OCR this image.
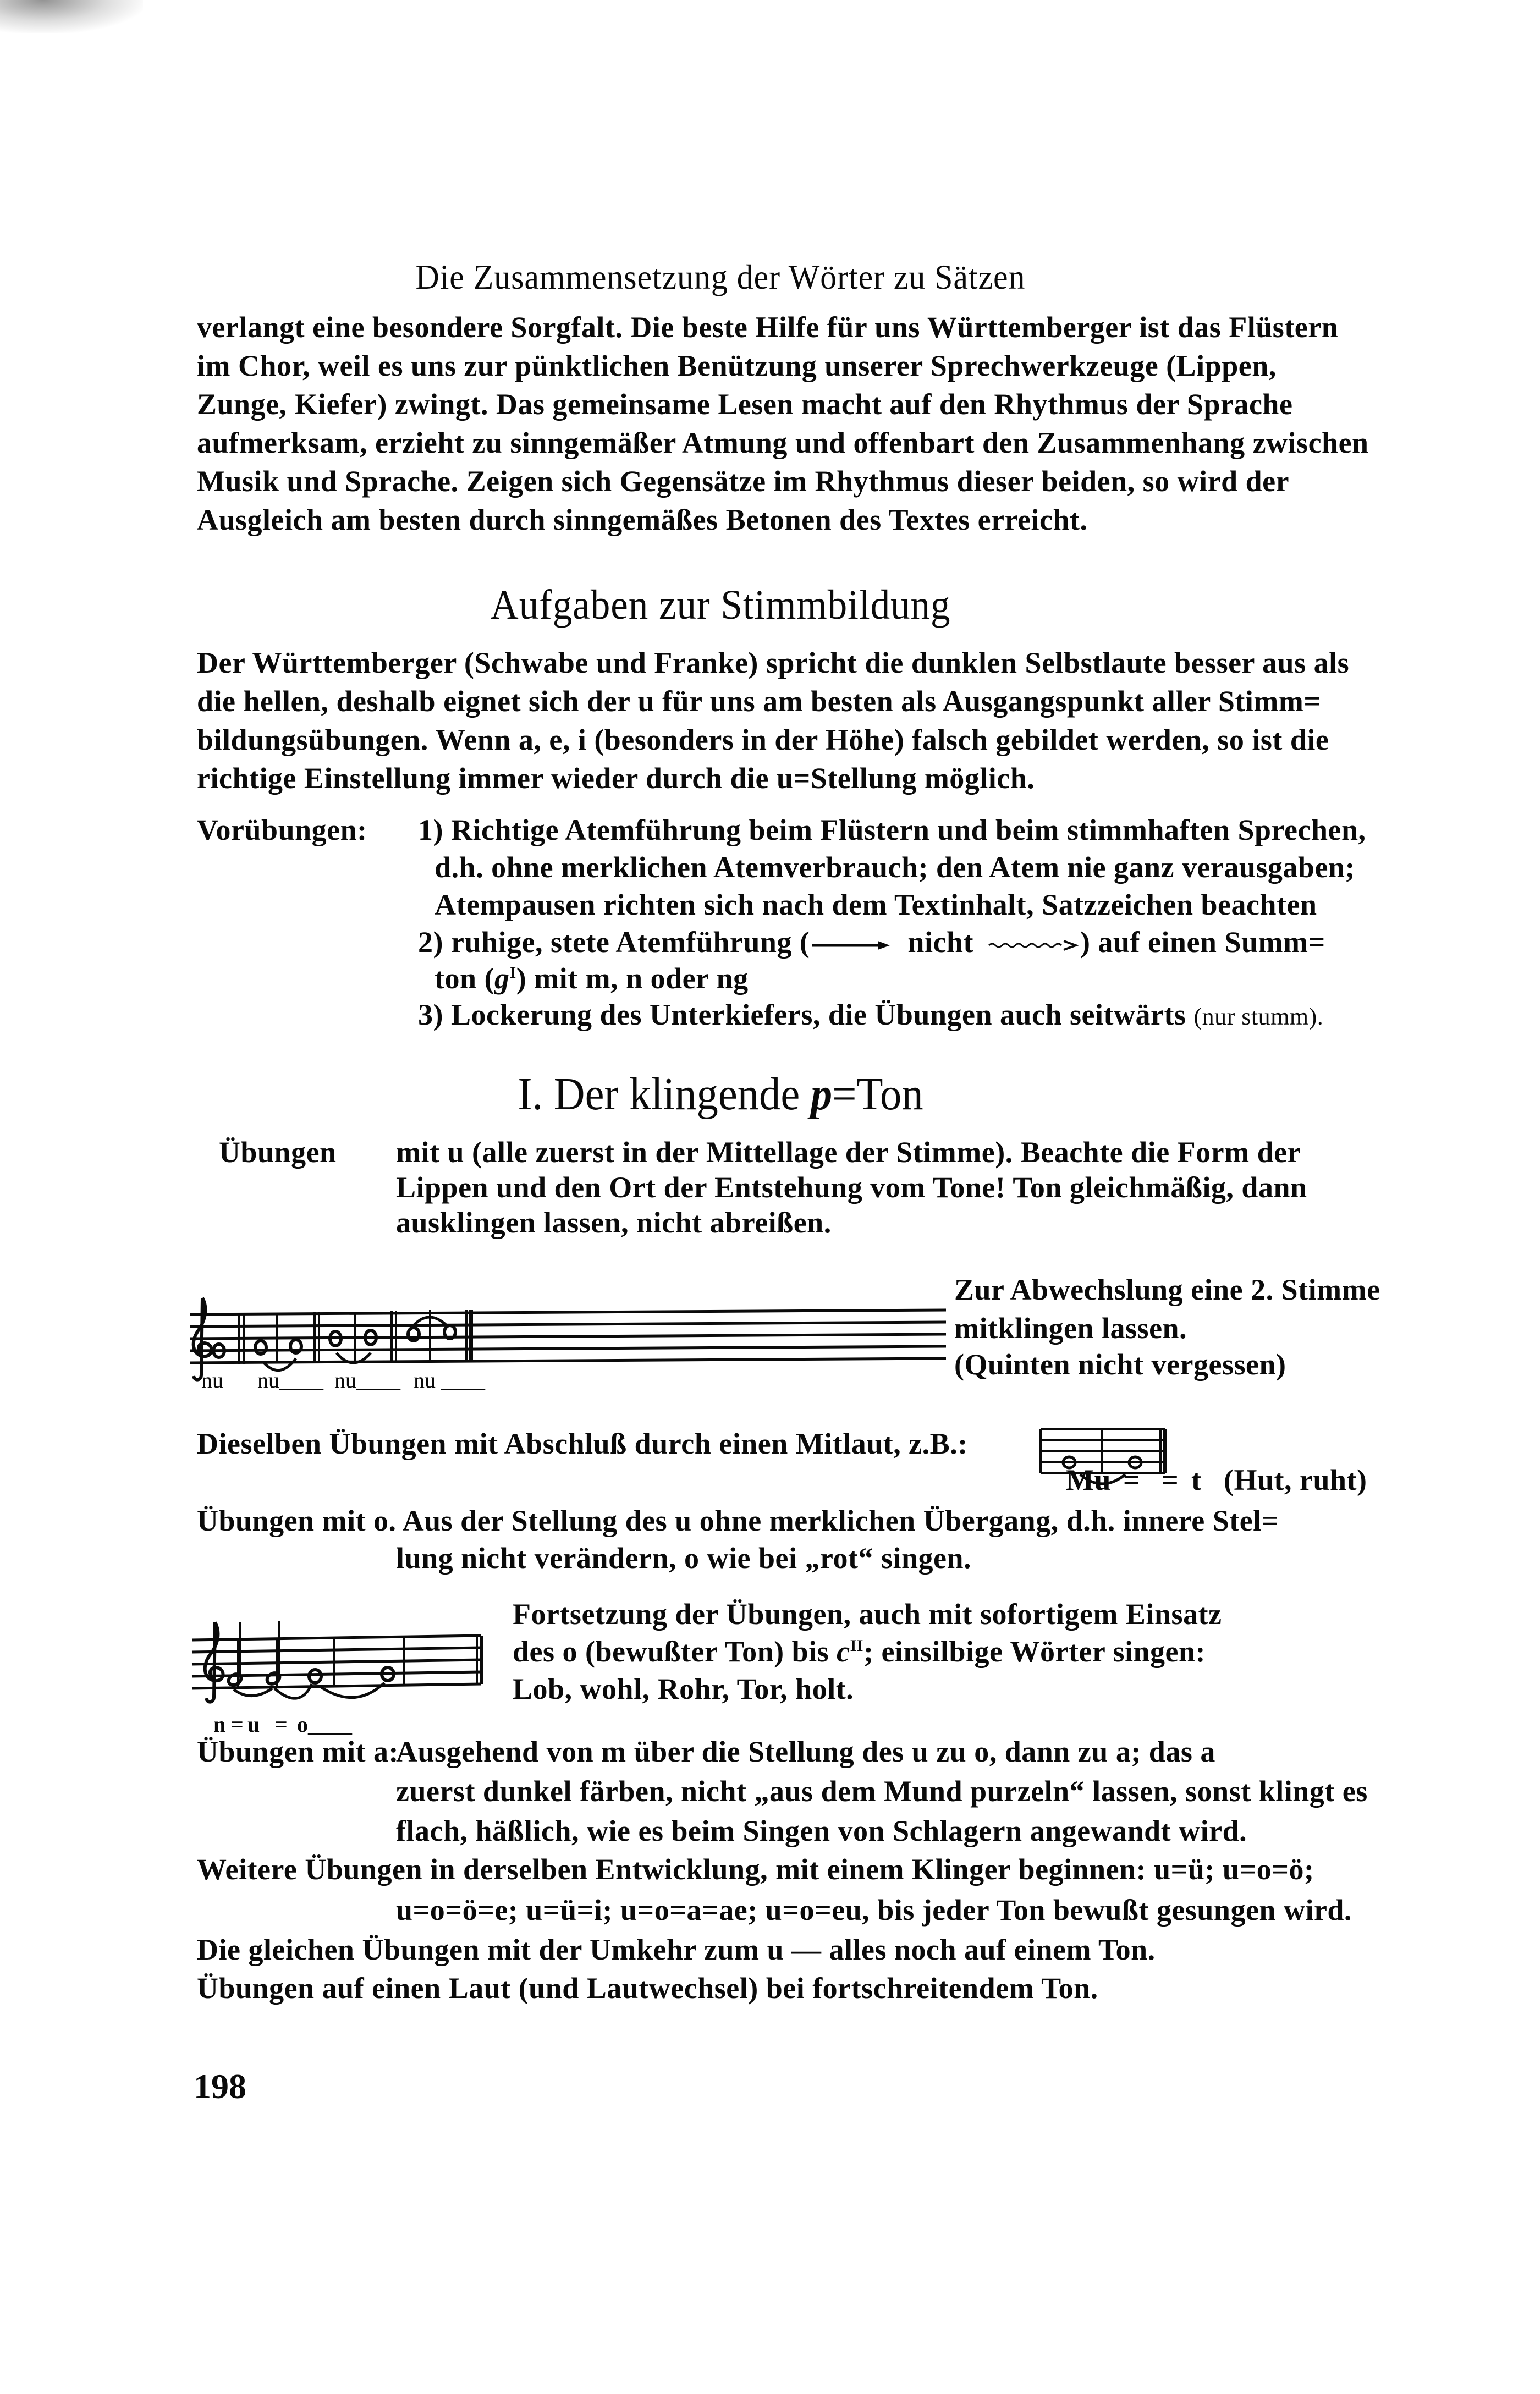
Die Zusammensetzung der Wörter zu Sätzen
verlangt eine besondere Sorgfalt. Die beste Hilfe für uns Württemberger ist das Flüstern
im Chor, weil es uns zur pünktlichen Benützung unserer Sprechwerkzeuge (Lippen,
Zunge, Kiefer) zwingt. Das gemeinsame Lesen macht auf den Rhythmus der Sprache
aufmerksam, erzieht zu sinngemäßer Atmung und offenbart den Zusammenhang zwischen
Musik und Sprache. Zeigen sich Gegensätze im Rhythmus dieser beiden, so wird der
Ausgleich am besten durch sinngemäßes Betonen des Textes erreicht.
Aufgaben zur Stimmbildung
Der Württemberger (Schwabe und Franke) spricht die dunklen Selbstlaute besser aus als
die hellen, deshalb eignet sich der u für uns am besten als Ausgangspunkt aller Stimm=
bildungsübungen. Wenn a, e, i (besonders in der Höhe) falsch gebildet werden, so ist die
richtige Einstellung immer wieder durch die u=Stellung möglich.
Vorübungen: 1) Richtige Atemführung beim Flüstern und beim stimmhaften Sprechen,
d.h. ohne merklichen Atemverbrauch; den Atem nie ganz verausgaben;
Atempausen richten sich nach dem Textinhalt, Satzzeichen beachten
2) ruhige, stete Atemführung (	nicht	) auf einen Summ=
ton $(g^I)$ mit m, n oder ng
3) Lockerung des Unterkiefers, die Übungen auch seitwärts (nur stumm).
I. Der klingende p=Ton
Übungen mit u (alle zuerst in der Mittellage der Stimme). Beachte die Form der
Lippen und den Ort der Entstehung vom Tone! Ton gleichmäßig, dann
ausklingen lassen, nicht abreißen.
nu nu____ nu____ nu ____
Zur Abwechslung eine 2. Stimme
mitklingen lassen.
(Quinten nicht vergessen)
Dieselben Übungen mit Abschluß durch einen Mitlaut, z.B.:
Mu = = t (Hut, ruht)
Übungen mit o. Aus der Stellung des u ohne merklichen Übergang, d.h. innere Stel=
lung nicht verändern, o wie bei „rot“ singen.
n = u = o____
Fortsetzung der Übungen, auch mit sofortigem Einsatz
des o (bewußter Ton) bis $c^{II}$; einsilbige Wörter singen:
Lob, wohl, Rohr, Tor, holt.
Übungen mit a:
Ausgehend von m über die Stellung des u zu o, dann zu a; das a
zuerst dunkel färben, nicht „aus dem Mund purzeln“ lassen, sonst klingt es
flach, häßlich, wie es beim Singen von Schlagern angewandt wird.
Weitere Übungen in derselben Entwicklung, mit einem Klinger beginnen: u=ü; u=o=ö;
u=o=ö=e; u=ü=i; u=o=a=ae; u=o=eu, bis jeder Ton bewußt gesungen wird.
Die gleichen Übungen mit der Umkehr zum u — alles noch auf einem Ton.
Übungen auf einen Laut (und Lautwechsel) bei fortschreitendem Ton.
198
